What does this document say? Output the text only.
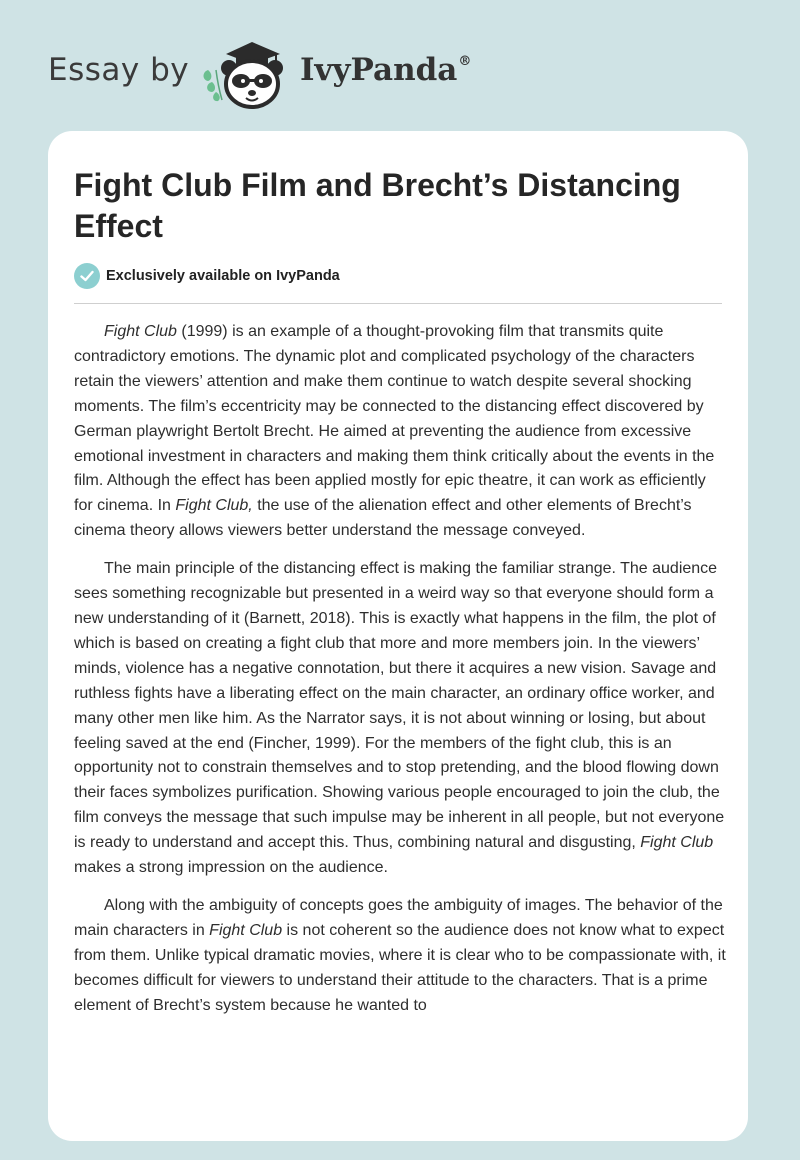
Essay by	IvyPanda®
Fight Club Film and Brecht’s Distancing Effect
Exclusively available on IvyPanda

Fight Club (1999) is an example of a thought-provoking film that transmits quite contradictory emotions. The dynamic plot and complicated psychology of the characters retain the viewers’ attention and make them continue to watch despite several shocking moments. The film’s eccentricity may be connected to the distancing effect discovered by German playwright Bertolt Brecht. He aimed at preventing the audience from excessive emotional investment in characters and making them think critically about the events in the film. Although the effect has been applied mostly for epic theatre, it can work as efficiently for cinema. In Fight Club, the use of the alienation effect and other elements of Brecht’s cinema theory allows viewers better understand the message conveyed.

The main principle of the distancing effect is making the familiar strange. The audience sees something recognizable but presented in a weird way so that everyone should form a new understanding of it (Barnett, 2018). This is exactly what happens in the film, the plot of which is based on creating a fight club that more and more members join. In the viewers’ minds, violence has a negative connotation, but there it acquires a new vision. Savage and ruthless fights have a liberating effect on the main character, an ordinary office worker, and many other men like him. As the Narrator says, it is not about winning or losing, but about feeling saved at the end (Fincher, 1999). For the members of the fight club, this is an opportunity not to constrain themselves and to stop pretending, and the blood flowing down their faces symbolizes purification. Showing various people encouraged to join the club, the film conveys the message that such impulse may be inherent in all people, but not everyone is ready to understand and accept this. Thus, combining natural and disgusting, Fight Club makes a strong impression on the audience.

Along with the ambiguity of concepts goes the ambiguity of images. The behavior of the main characters in Fight Club is not coherent so the audience does not know what to expect from them. Unlike typical dramatic movies, where it is clear who to be compassionate with, it becomes difficult for viewers to understand their attitude to the characters. That is a prime element of Brecht’s system because he wanted to
